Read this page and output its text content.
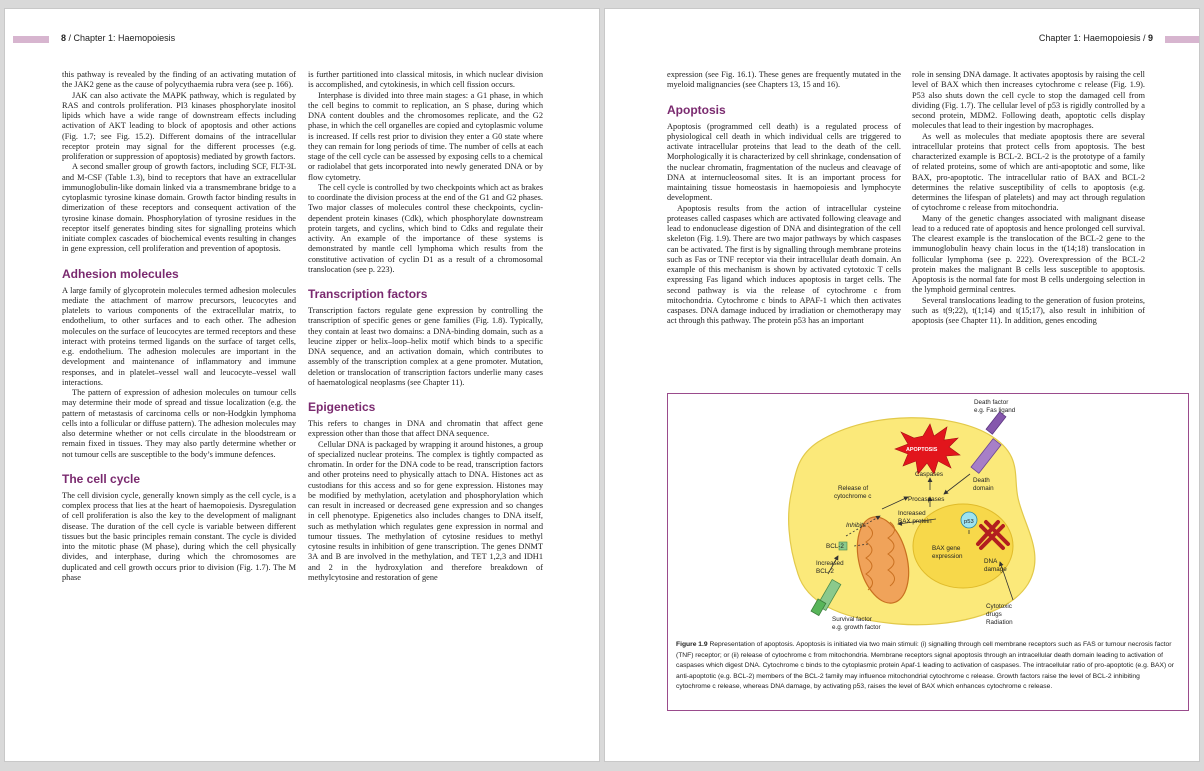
8 / Chapter 1: Haemopoiesis

this pathway is revealed by the finding of an activating mutation of the JAK2 gene as the cause of polycythaemia rubra vera (see p. 166).

JAK can also activate the MAPK pathway, which is regulated by RAS and controls proliferation. PI3 kinases phosphorylate inositol lipids which have a wide range of downstream effects including activation of AKT leading to block of apoptosis and other actions (Fig. 1.7; see Fig. 15.2). Different domains of the intracellular receptor protein may signal for the different processes (e.g. proliferation or suppression of apoptosis) mediated by growth factors.

A second smaller group of growth factors, including SCF, FLT-3L and M-CSF (Table 1.3), bind to receptors that have an extracellular immunoglobulin-like domain linked via a transmembrane bridge to a cytoplasmic tyrosine kinase domain. Growth factor binding results in dimerization of these receptors and consequent activation of the tyrosine kinase domain. Phosphorylation of tyrosine residues in the receptor itself generates binding sites for signalling proteins which initiate complex cascades of biochemical events resulting in changes in gene expression, cell proliferation and prevention of apoptosis.

Adhesion molecules

A large family of glycoprotein molecules termed adhesion molecules mediate the attachment of marrow precursors, leucocytes and platelets to various components of the extracellular matrix, to endothelium, to other surfaces and to each other. The adhesion molecules on the surface of leucocytes are termed receptors and these interact with proteins termed ligands on the surface of target cells, e.g. endothelium. The adhesion molecules are important in the development and maintenance of inflammatory and immune responses, and in platelet–vessel wall and leucocyte–vessel wall interactions.

The pattern of expression of adhesion molecules on tumour cells may determine their mode of spread and tissue localization (e.g. the pattern of metastasis of carcinoma cells or non-Hodgkin lymphoma cells into a follicular or diffuse pattern). The adhesion molecules may also determine whether or not cells circulate in the bloodstream or remain fixed in tissues. They may also partly determine whether or not tumour cells are susceptible to the body’s immune defences.

The cell cycle

The cell division cycle, generally known simply as the cell cycle, is a complex process that lies at the heart of haemopoiesis. Dysregulation of cell proliferation is also the key to the development of malignant disease. The duration of the cell cycle is variable between different tissues but the basic principles remain constant. The cycle is divided into the mitotic phase (M phase), during which the cell physically divides, and interphase, during which the chromosomes are duplicated and cell growth occurs prior to division (Fig. 1.7). The M phase

is further partitioned into classical mitosis, in which nuclear division is accomplished, and cytokinesis, in which cell fission occurs.

Interphase is divided into three main stages: a G1 phase, in which the cell begins to commit to replication, an S phase, during which DNA content doubles and the chromosomes replicate, and the G2 phase, in which the cell organelles are copied and cytoplasmic volume is increased. If cells rest prior to division they enter a G0 state where they can remain for long periods of time. The number of cells at each stage of the cell cycle can be assessed by exposing cells to a chemical or radiolabel that gets incorporated into newly generated DNA or by flow cytometry.

The cell cycle is controlled by two checkpoints which act as brakes to coordinate the division process at the end of the G1 and G2 phases. Two major classes of molecules control these checkpoints, cyclin-dependent protein kinases (Cdk), which phosphorylate downstream protein targets, and cyclins, which bind to Cdks and regulate their activity. An example of the importance of these systems is demonstrated by mantle cell lymphoma which results from the constitutive activation of cyclin D1 as a result of a chromosomal translocation (see p. 223).

Transcription factors

Transcription factors regulate gene expression by controlling the transcription of specific genes or gene families (Fig. 1.8). Typically, they contain at least two domains: a DNA-binding domain, such as a leucine zipper or helix–loop–helix motif which binds to a specific DNA sequence, and an activation domain, which contributes to assembly of the transcription complex at a gene promoter. Mutation, deletion or translocation of transcription factors underlie many cases of haematological neoplasms (see Chapter 11).

Epigenetics

This refers to changes in DNA and chromatin that affect gene expression other than those that affect DNA sequence.

Cellular DNA is packaged by wrapping it around histones, a group of specialized nuclear proteins. The complex is tightly compacted as chromatin. In order for the DNA code to be read, transcription factors and other proteins need to physically attach to DNA. Histones act as custodians for this access and so for gene expression. Histones may be modified by methylation, acetylation and phosphorylation which can result in increased or decreased gene expression and so changes in cell phenotype. Epigenetics also includes changes to DNA itself, such as methylation which regulates gene expression in normal and tumour tissues. The methylation of cytosine residues to methyl cytosine results in inhibition of gene transcription. The genes DNMT 3A and B are involved in the methylation, and TET 1,2,3 and IDH1 and 2 in the hydroxylation and therefore breakdown of methylcytosine and restoration of gene

Chapter 1: Haemopoiesis / 9

expression (see Fig. 16.1). These genes are frequently mutated in the myeloid malignancies (see Chapters 13, 15 and 16).

Apoptosis

Apoptosis (programmed cell death) is a regulated process of physiological cell death in which individual cells are triggered to activate intracellular proteins that lead to the death of the cell. Morphologically it is characterized by cell shrinkage, condensation of the nuclear chromatin, fragmentation of the nucleus and cleavage of DNA at internucleosomal sites. It is an important process for maintaining tissue homeostasis in haemopoiesis and lymphocyte development.

Apoptosis results from the action of intracellular cysteine proteases called caspases which are activated following cleavage and lead to endonuclease digestion of DNA and disintegration of the cell skeleton (Fig. 1.9). There are two major pathways by which caspases can be activated. The first is by signalling through membrane proteins such as Fas or TNF receptor via their intracellular death domain. An example of this mechanism is shown by activated cytotoxic T cells expressing Fas ligand which induces apoptosis in target cells. The second pathway is via the release of cytochrome c from mitochondria. Cytochrome c binds to APAF-1 which then activates caspases. DNA damage induced by irradiation or chemotherapy may act through this pathway. The protein p53 has an important

role in sensing DNA damage. It activates apoptosis by raising the cell level of BAX which then increases cytochrome c release (Fig. 1.9). P53 also shuts down the cell cycle to stop the damaged cell from dividing (Fig. 1.7). The cellular level of p53 is rigidly controlled by a second protein, MDM2. Following death, apoptotic cells display molecules that lead to their ingestion by macrophages.

As well as molecules that mediate apoptosis there are several intracellular proteins that protect cells from apoptosis. The best characterized example is BCL-2. BCL-2 is the prototype of a family of related proteins, some of which are anti-apoptotic and some, like BAX, pro-apoptotic. The intracellular ratio of BAX and BCL-2 determines the relative susceptibility of cells to apoptosis (e.g. determines the lifespan of platelets) and may act through regulation of cytochrome c release from mitochondria.

Many of the genetic changes associated with malignant disease lead to a reduced rate of apoptosis and hence prolonged cell survival. The clearest example is the translocation of the BCL-2 gene to the immunoglobulin heavy chain locus in the t(14;18) translocation in follicular lymphoma (see p. 222). Overexpression of the BCL-2 protein makes the malignant B cells less susceptible to apoptosis. Apoptosis is the normal fate for most B cells undergoing selection in the lymphoid germinal centres.

Several translocations leading to the generation of fusion proteins, such as t(9;22), t(1;14) and t(15;17), also result in inhibition of apoptosis (see Chapter 11). In addition, genes encoding

Death factor
e.g. Fas ligand
APOPTOSIS
Caspases
Release of
cytochrome c	Procaspases
Death
domain
Inhibits
Increased
BAX protein	p53
BCL-2	BAX gene
expression
Increased
BCL-2
DNA
damage
Survival factor
e.g. growth factor
Cytotoxic
drugs
Radiation
Figure 1.9 Representation of apoptosis. Apoptosis is initiated via two main stimuli: (i) signalling through cell membrane receptors such as FAS or tumour necrosis factor (TNF) receptor; or (ii) release of cytochrome c from mitochondria. Membrane receptors signal apoptosis through an intracellular death domain leading to activation of caspases which digest DNA. Cytochrome c binds to the cytoplasmic protein Apaf-1 leading to activation of caspases. The intracellular ratio of pro-apoptotic (e.g. BAX) or anti-apoptotic (e.g. BCL-2) members of the BCL-2 family may influence mitochondrial cytochrome c release. Growth factors raise the level of BCL-2 inhibiting cytochrome c release, whereas DNA damage, by activating p53, raises the level of BAX which enhances cytochrome c release.
